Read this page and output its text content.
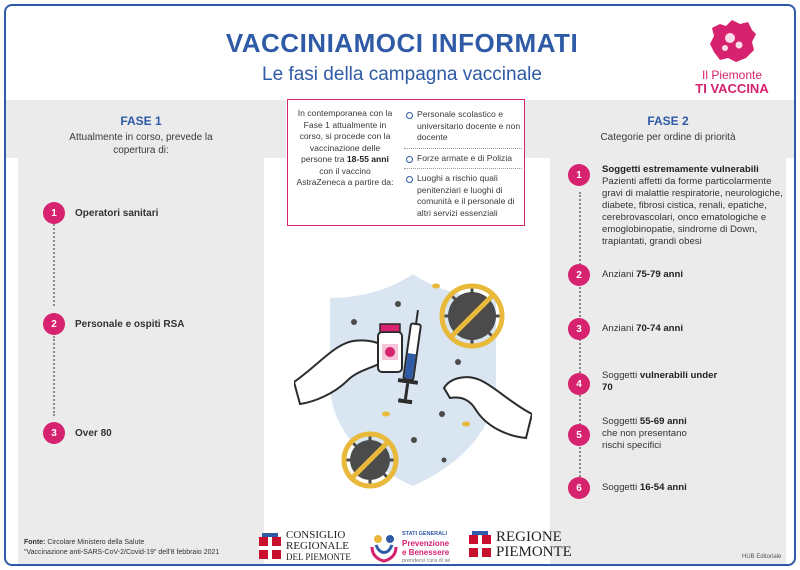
VACCINIAMOCI INFORMATI
Le fasi della campagna vaccinale	Il Piemonte
TI VACCINA
FASE 1
Attualmente in corso, prevede la copertura di:
1	Operatori sanitari
2	Personale e ospiti RSA
3	Over 80
In contemporanea con la Fase 1 attualmente in corso, si procede con la vaccinazione delle persone tra 18-55 anni con il vaccino AstraZeneca a partire da:
Personale scolastico e universitario docente e non docente
Forze armate e di Polizia
Luoghi a rischio quali penitenziari e luoghi di comunità e il personale di altri servizi essenziali
FASE 2
Categorie per ordine di priorità
1	Soggetti estremamente vulnerabili
Pazienti affetti da forme particolarmente gravi di malattie respiratorie, neurologiche, diabete, fibrosi cistica, renali, epatiche, cerebrovascolari, onco ematologiche e emoglobinopatie, sindrome di Down, trapiantati, grandi obesi
2	Anziani 75-79 anni
3	Anziani 70-74 anni
4
Soggetti vulnerabili under 70
5
Soggetti 55-69 anni
che non presentano rischi specifici
6	Soggetti 16-54 anni
Fonte: Circolare Ministero della Salute
"Vaccinazione anti-SARS-CoV-2/Covid-19" dell'8 febbraio 2021
CONSIGLIO
REGIONALE
DEL PIEMONTE
STATI GENERALI
Prevenzione
e Benessere
prendersi cura di sé
REGIONE
PIEMONTE	HUB Editoriale
